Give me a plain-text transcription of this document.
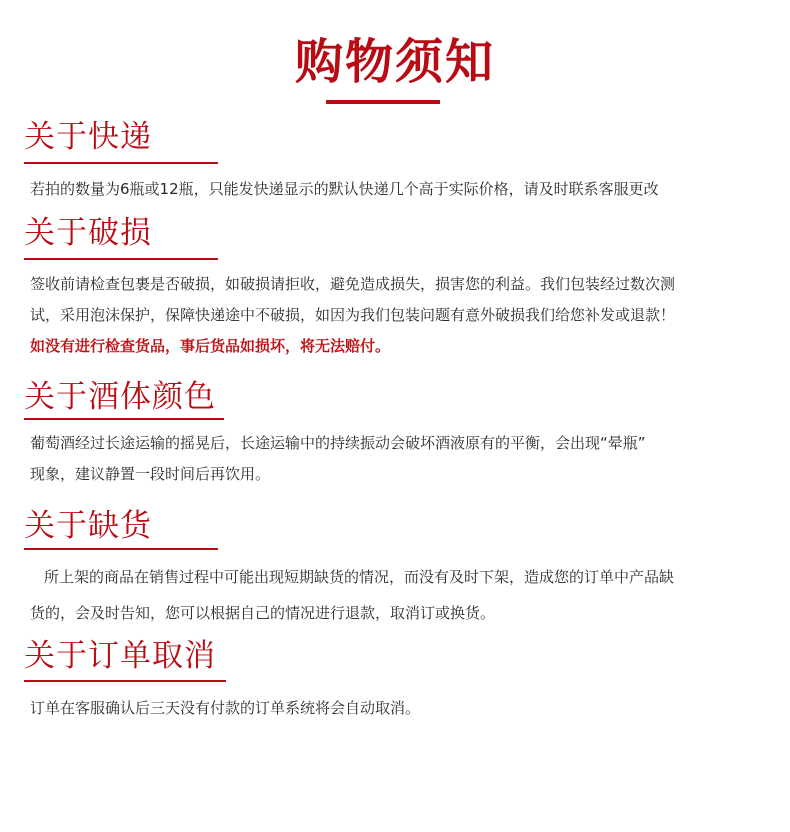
购物须知
关于快递
若拍的数量为6瓶或12瓶，只能发快递显示的默认快递几个高于实际价格，请及时联系客服更改
关于破损
签收前请检查包裹是否破损，如破损请拒收，避免造成损失，损害您的利益。我们包装经过数次测
试，采用泡沫保护，保障快递途中不破损，如因为我们包装问题有意外破损我们给您补发或退款！
如没有进行检查货品，事后货品如损坏，将无法赔付。
关于酒体颜色
葡萄酒经过长途运输的摇晃后，长途运输中的持续振动会破坏酒液原有的平衡，会出现“晕瓶”
现象，建议静置一段时间后再饮用。
关于缺货
所上架的商品在销售过程中可能出现短期缺货的情况，而没有及时下架，造成您的订单中产品缺
货的，会及时告知，您可以根据自己的情况进行退款，取消订或换货。
关于订单取消
订单在客服确认后三天没有付款的订单系统将会自动取消。
